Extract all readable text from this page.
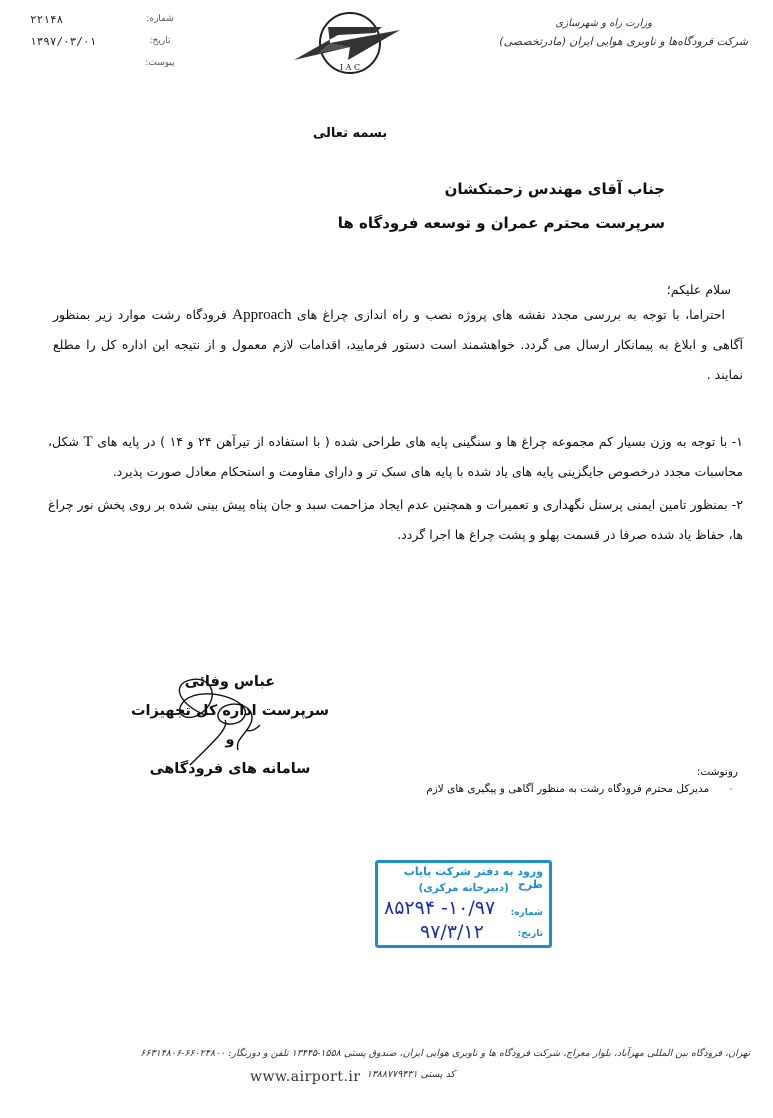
۲۲۱۴۸	شماره:
۱۳۹۷/۰۳/۰۱	تاریخ:
پیوست:	I A C
وزارت راه و شهرسازی
شرکت فرودگاه‌ها و ناوبری هوایی ایران (مادرتخصصی)
بسمه تعالی
جناب آقای مهندس زحمتکشان
سرپرست محترم عمران و توسعه فرودگاه ها
سلام علیکم؛
احتراما، با توجه به بررسی مجدد نقشه های پروژه نصب و راه اندازی چراغ های Approach فرودگاه رشت موارد زیر بمنظور آگاهی و ابلاغ به پیمانکار ارسال می گردد. خواهشمند است دستور فرمایید، اقدامات لازم معمول و از نتیجه این اداره کل را مطلع نمایند .
۱- با توجه به وزن بسیار کم مجموعه چراغ ها و سنگینی پایه های طراحی شده ( با استفاده از تیرآهن ۲۴ و ۱۴ ) در پایه های T شکل، محاسبات مجدد درخصوص جایگزینی پایه های یاد شده با پایه های سبک تر و دارای مقاومت و استحکام معادل صورت پذیرد.
۲- بمنظور تامین ایمنی پرسنل نگهداری و تعمیرات و همچنین عدم ایجاد مزاحمت سبد و جان پناه پیش بینی شده بر روی پخش نور چراغ ها، حفاظ یاد شده صرفا در قسمت پهلو و پشت چراغ ها اجرا گردد.
عباس وفائی
سرپرست اداره کل تجهیزات و
سامانه های فرودگاهی	رونوشت:
-
مدیرکل محترم فرودگاه رشت به منظور آگاهی و پیگیری های لازم
ورود به دفتر شرکت پایاب طرح
(دبیرخانه مرکزی)
شماره:
۱۰/۹۷- ۸۵۲۹۴
تاریخ:
۹۷/۳/۱۲
تهران، فرودگاه بین المللی مهرآباد، بلوار معراج، شرکت فرودگاه ها و ناوبری هوایی ایران، صندوق پستی ۱۵۵۸-۱۳۴۴۵ تلفن و دورنگار: ۶۶۰۲۴۸۰۰-۶۶۳۱۴۸۰۶
www.airport.ir کد پستی ۱۳۸۸۷۷۹۴۳۱
